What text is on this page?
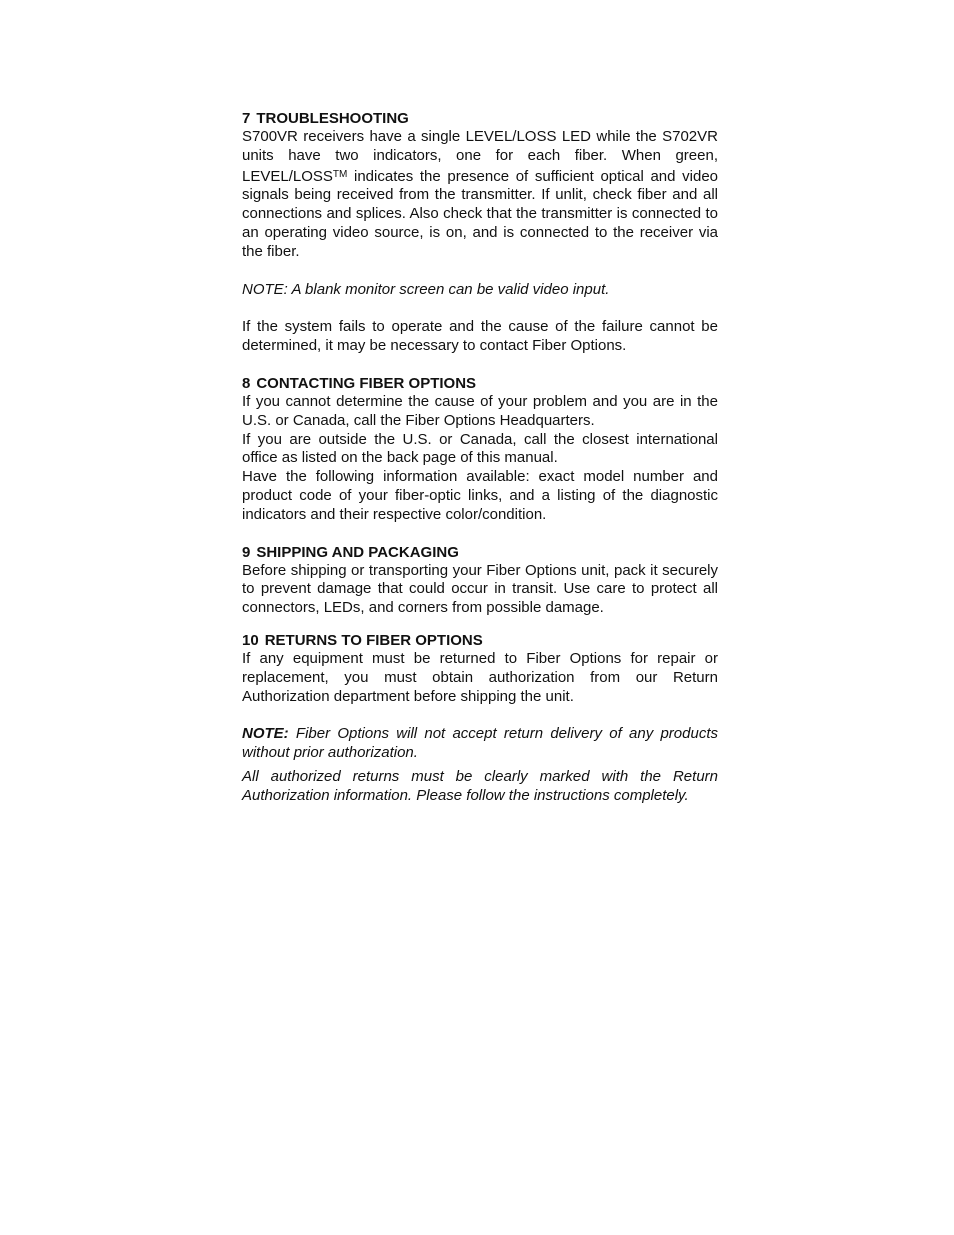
7 TROUBLESHOOTING

S700VR receivers have a single LEVEL/LOSS LED while the S702VR units have two indicators, one for each fiber. When green, LEVEL/LOSS™ indicates the presence of sufficient optical and video signals being received from the transmitter. If unlit, check fiber and all connections and splices. Also check that the transmitter is connected to an operating video source, is on, and is connected to the receiver via the fiber.

NOTE: A blank monitor screen can be valid video input.

If the system fails to operate and the cause of the failure cannot be determined, it may be necessary to contact Fiber Options.

8 CONTACTING FIBER OPTIONS

If you cannot determine the cause of your problem and you are in the U.S. or Canada, call the Fiber Options Headquarters.

If you are outside the U.S. or Canada, call the closest international office as listed on the back page of this manual.

Have the following information available: exact model number and product code of your fiber-optic links, and a listing of the diagnostic indicators and their respective color/condition.

9 SHIPPING AND PACKAGING

Before shipping or transporting your Fiber Options unit, pack it securely to prevent damage that could occur in transit. Use care to protect all connectors, LEDs, and corners from possible damage.

10 RETURNS TO FIBER OPTIONS

If any equipment must be returned to Fiber Options for repair or replacement, you must obtain authorization from our Return Authorization department before shipping the unit.

NOTE: Fiber Options will not accept return delivery of any products without prior authorization.

All authorized returns must be clearly marked with the Return Authorization information. Please follow the instructions completely.
